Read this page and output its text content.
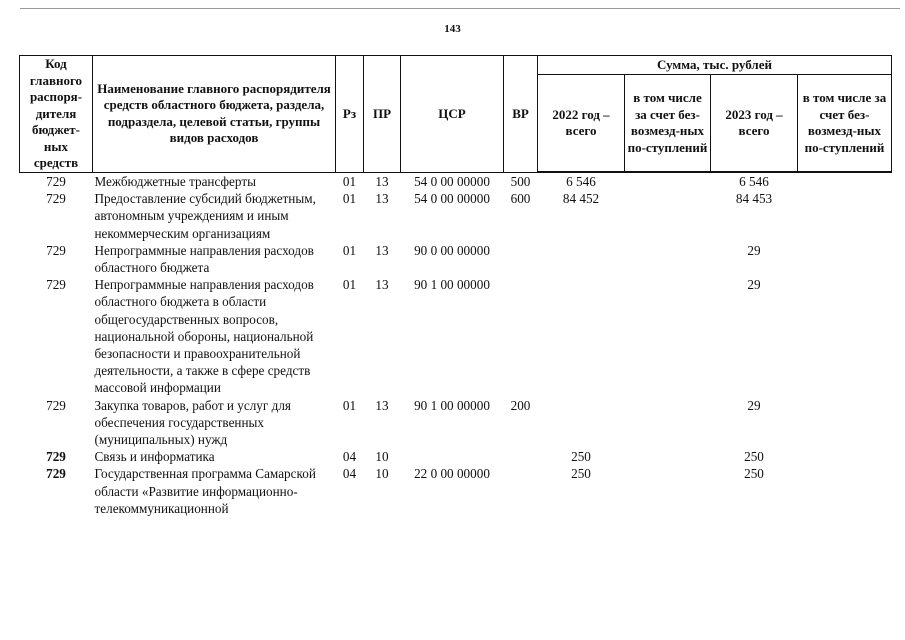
143
Код главного распоря-дителя бюджет-ных средств	Наименование главного распорядителя средств областного бюджета, раздела, подраздела, целевой статьи, группы видов расходов	Рз	ПР	ЦСР	ВР	Сумма, тыс. рублей			
						2022 год – всего	в том числе за счет без-возмезд-ных по-ступлений	2023 год – всего	в том числе за счет без-возмезд-ных по-ступлений
729	Межбюджетные трансферты	01	13	54 0 00 00000	500	6 546		6 546	
729	Предоставление субсидий бюджетным, автономным учреждениям и иным некоммерческим организациям	01	13	54 0 00 00000	600	84 452		84 453	
729	Непрограммные направления расходов областного бюджета	01	13	90 0 00 00000				29	
729	Непрограммные направления расходов областного бюджета в области общегосударственных вопросов, национальной обороны, национальной безопасности и правоохранительной деятельности, а также в сфере средств массовой информации	01	13	90 1 00 00000				29	
729	Закупка товаров, работ и услуг для обеспечения государственных (муниципальных) нужд	01	13	90 1 00 00000	200			29	
729	Связь и информатика	04	10			250		250	
729	Государственная программа Самарской области «Развитие информационно-телекоммуникационной	04	10	22 0 00 00000		250		250	
